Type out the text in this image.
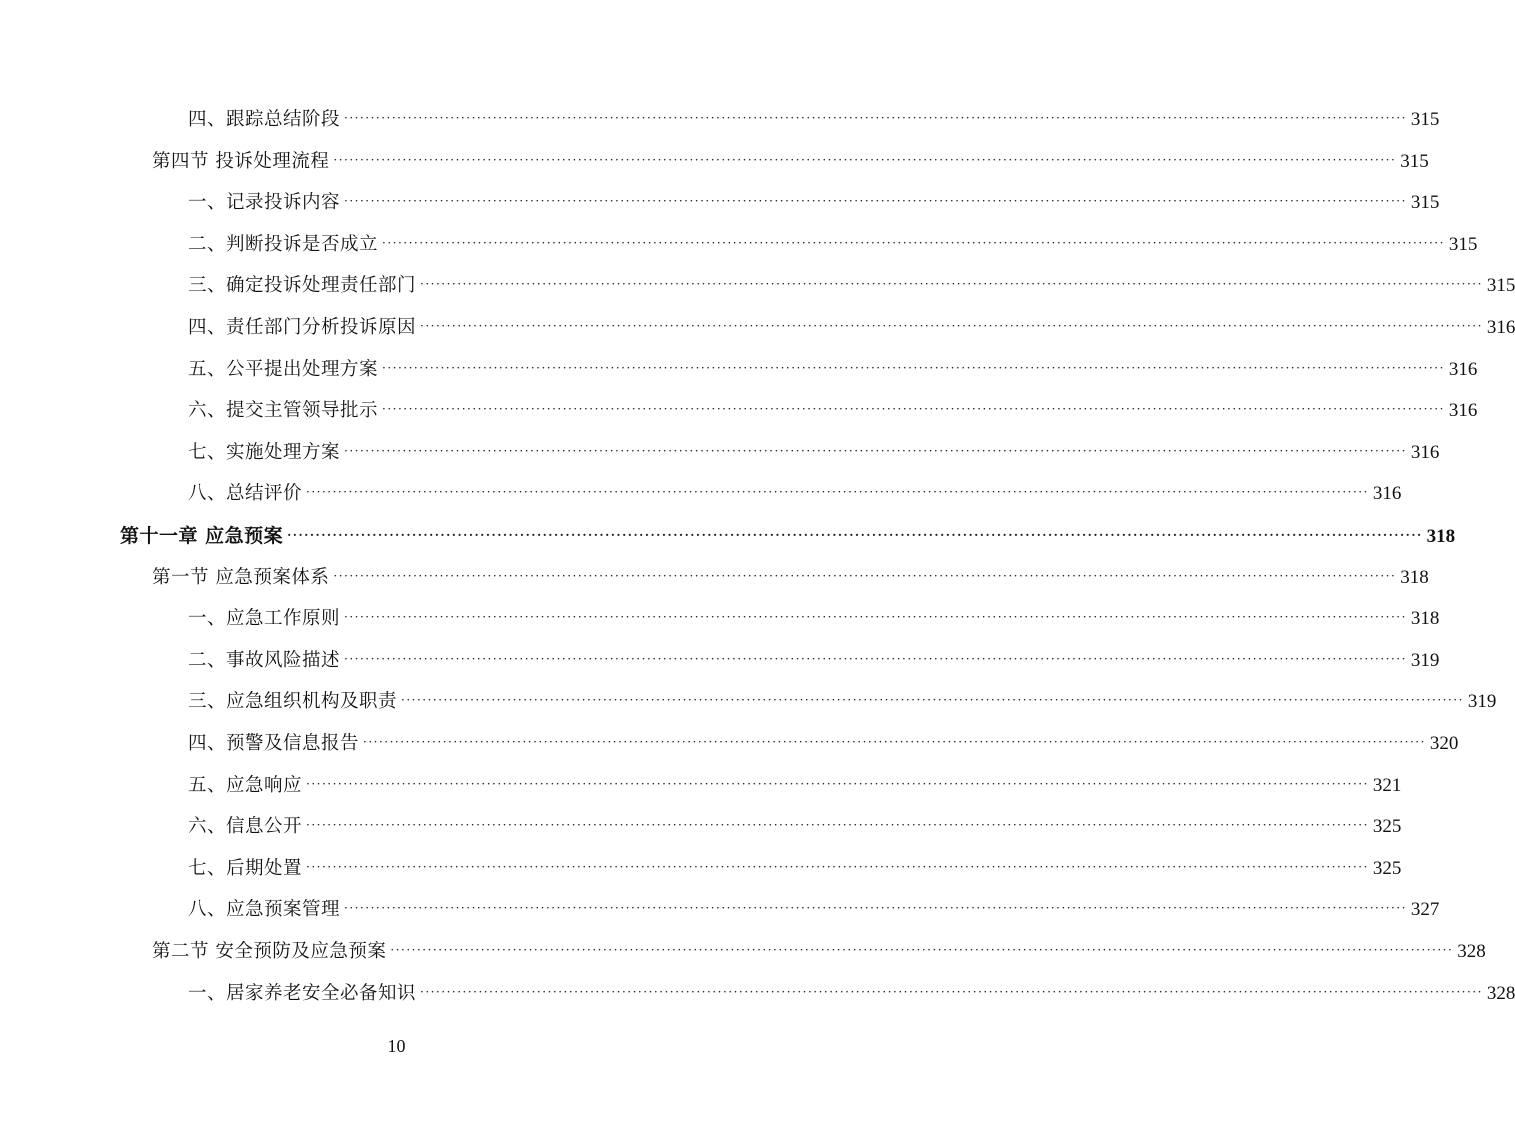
四、跟踪总结阶段 ········································································································································································································ 315
第四节 投诉处理流程 ········································································································································································································ 315
一、记录投诉内容 ········································································································································································································ 315
二、判断投诉是否成立 ········································································································································································································ 315
三、确定投诉处理责任部门 ········································································································································································································ 315
四、责任部门分析投诉原因 ········································································································································································································ 316
五、公平提出处理方案 ········································································································································································································ 316
六、提交主管领导批示 ········································································································································································································ 316
七、实施处理方案 ········································································································································································································ 316
八、总结评价 ········································································································································································································ 316
第十一章 应急预案 ········································································································································································································ 318
第一节 应急预案体系 ········································································································································································································ 318
一、应急工作原则 ········································································································································································································ 318
二、事故风险描述 ········································································································································································································ 319
三、应急组织机构及职责 ········································································································································································································ 319
四、预警及信息报告 ········································································································································································································ 320
五、应急响应 ········································································································································································································ 321
六、信息公开 ········································································································································································································ 325
七、后期处置 ········································································································································································································ 325
八、应急预案管理 ········································································································································································································ 327
第二节 安全预防及应急预案 ········································································································································································································ 328
一、居家养老安全必备知识 ········································································································································································································ 328
10
